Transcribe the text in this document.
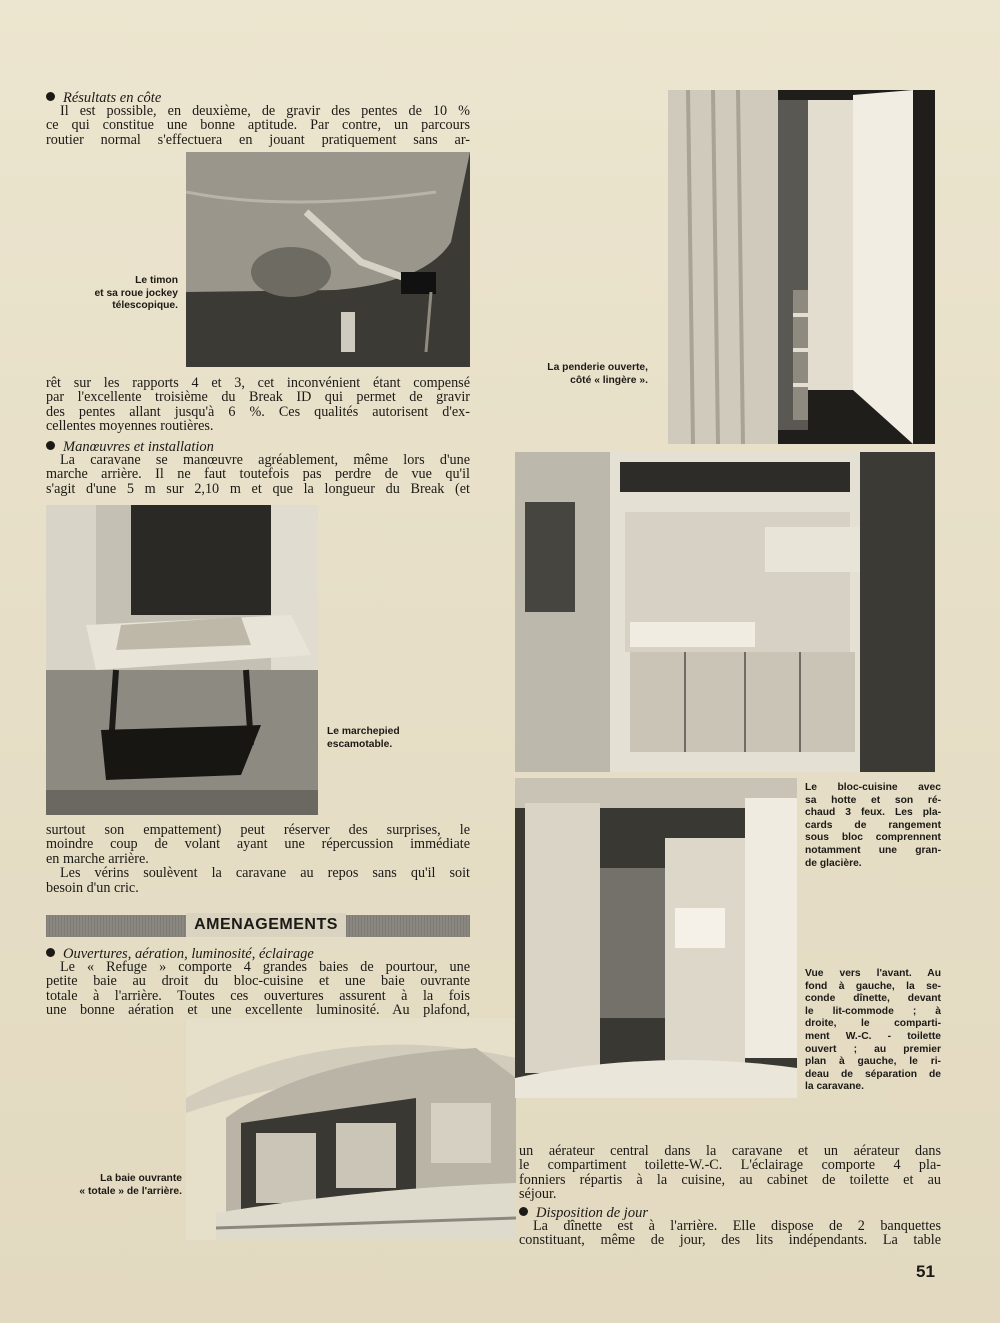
Résultats en côte
Il est possible, en deuxième, de gravir des pentes de 10 %
ce qui constitue une bonne aptitude. Par contre, un parcours
routier normal s'effectuera en jouant pratiquement sans ar-
Le timon
et sa roue jockey
télescopique.
rêt sur les rapports 4 et 3, cet inconvénient étant compensé
par l'excellente troisième du Break ID qui permet de gravir
des pentes allant jusqu'à 6 %. Ces qualités autorisent d'ex-
cellentes moyennes routières.
Manœuvres et installation
La caravane se manœuvre agréablement, même lors d'une
marche arrière. Il ne faut toutefois pas perdre de vue qu'il
s'agit d'une 5 m sur 2,10 m et que la longueur du Break (et
Le marchepied
escamotable.
surtout son empattement) peut réserver des surprises, le
moindre coup de volant ayant une répercussion immédiate
en marche arrière.
Les vérins soulèvent la caravane au repos sans qu'il soit
besoin d'un cric.
AMENAGEMENTS
Ouvertures, aération, luminosité, éclairage
Le « Refuge » comporte 4 grandes baies de pourtour, une
petite baie au droit du bloc-cuisine et une baie ouvrante
totale à l'arrière. Toutes ces ouvertures assurent à la fois
une bonne aération et une excellente luminosité. Au plafond,
La baie ouvrante
« totale » de l'arrière.
La penderie ouverte,
côté « lingère ».
Le bloc-cuisine avec
sa hotte et son ré-
chaud 3 feux. Les pla-
cards de rangement
sous bloc comprennent
notamment une gran-
de glacière.
Vue vers l'avant. Au
fond à gauche, la se-
conde dînette, devant
le lit-commode ; à
droite, le comparti-
ment W.-C. - toilette
ouvert ; au premier
plan à gauche, le ri-
deau de séparation de
la caravane.
un aérateur central dans la caravane et un aérateur dans
le compartiment toilette-W.-C. L'éclairage comporte 4 pla-
fonniers répartis à la cuisine, au cabinet de toilette et au
séjour.
Disposition de jour
La dînette est à l'arrière. Elle dispose de 2 banquettes
constituant, même de jour, des lits indépendants. La table
51
